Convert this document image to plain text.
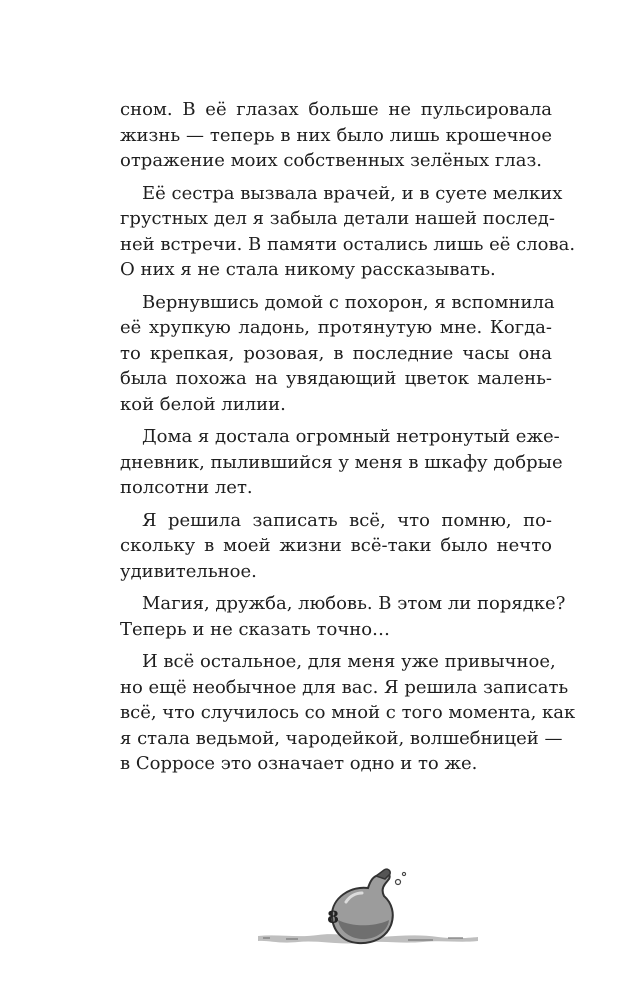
сном. В её глазах больше не пульсировала
жизнь — теперь в них было лишь крошечное
отражение моих собственных зелёных глаз.

Её сестра вызвала врачей, и в суете мелких
грустных дел я забыла детали нашей послед-
ней встречи. В памяти остались лишь её слова.
О них я не стала никому рассказывать.

Вернувшись домой с похорон, я вспомнила
её хрупкую ладонь, протянутую мне. Когда-
то крепкая, розовая, в последние часы она
была похожа на увядающий цветок малень-
кой белой лилии.

Дома я достала огромный нетронутый еже-
дневник, пылившийся у меня в шкафу добрые
полсотни лет.

Я решила записать всё, что помню, по-
скольку в моей жизни всё-таки было нечто
удивительное.

Магия, дружба, любовь. В этом ли порядке?
Теперь и не сказать точно…

И всё остальное, для меня уже привычное,
но ещё необычное для вас. Я решила записать
всё, что случилось со мной с того момента, как
я стала ведьмой, чародейкой, волшебницей —
в Сорросе это означает одно и то же.

8
